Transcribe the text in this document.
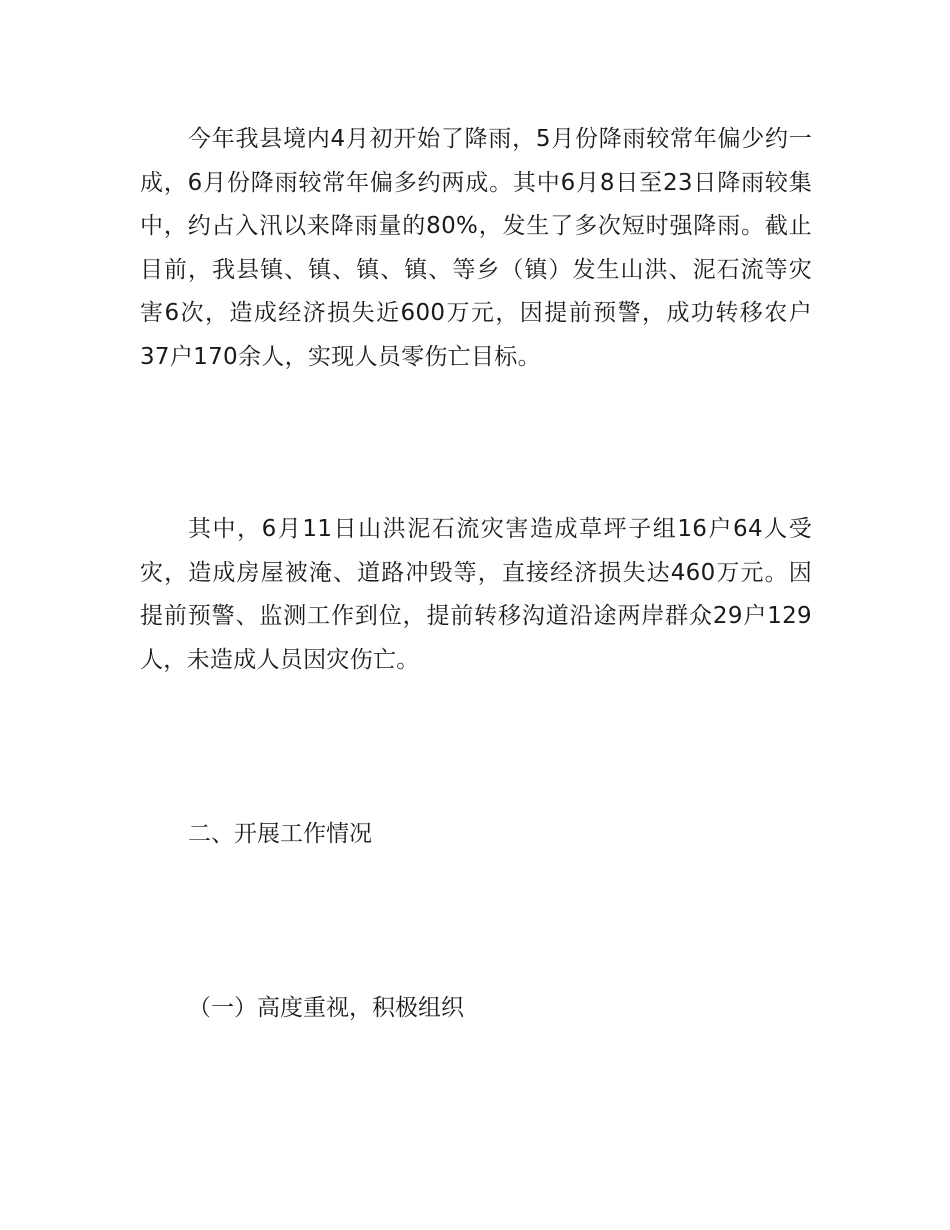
今年我县境内4月初开始了降雨，5月份降雨较常年偏少约一成，6月份降雨较常年偏多约两成。其中6月8日至23日降雨较集中，约占入汛以来降雨量的80%，发生了多次短时强降雨。截止目前，我县镇、镇、镇、镇、等乡（镇）发生山洪、泥石流等灾害6次，造成经济损失近600万元，因提前预警，成功转移农户37户170余人，实现人员零伤亡目标。

其中，6月11日山洪泥石流灾害造成草坪子组16户64人受灾，造成房屋被淹、道路冲毁等，直接经济损失达460万元。因提前预警、监测工作到位，提前转移沟道沿途两岸群众29户129人，未造成人员因灾伤亡。

二、开展工作情况

（一）高度重视，积极组织
